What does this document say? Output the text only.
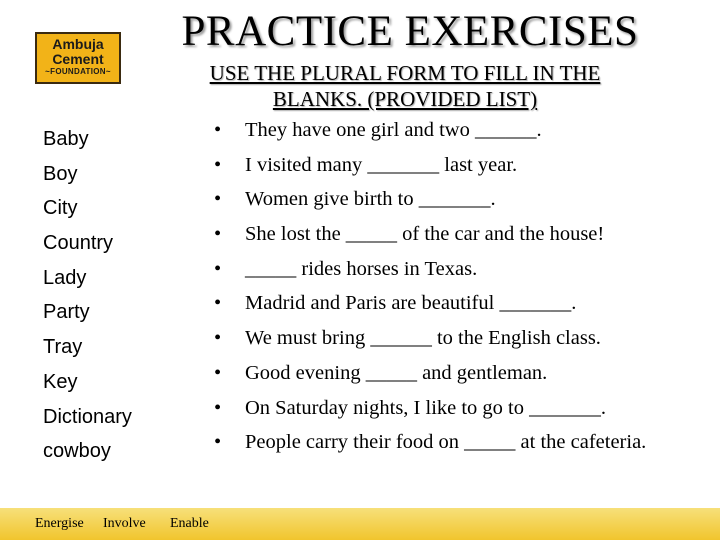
Ambuja
Cement
~FOUNDATION~
PRACTICE EXERCISES
USE THE PLURAL FORM TO FILL IN THE BLANKS. (PROVIDED LIST)
Baby
Boy
City
Country
Lady
Party
Tray
Key
Dictionary
cowboy
• They have one girl and two ______.
• I visited many _______ last year.
• Women give birth to _______.
• She lost the _____ of the car and the house!
• _____ rides horses in Texas.
• Madrid and Paris are beautiful _______.
• We must bring ______ to the English class.
• Good evening _____ and gentleman.
• On Saturday nights, I like to go to _______.
• People carry their food on _____ at the cafeteria.
Energise Involve Enable
